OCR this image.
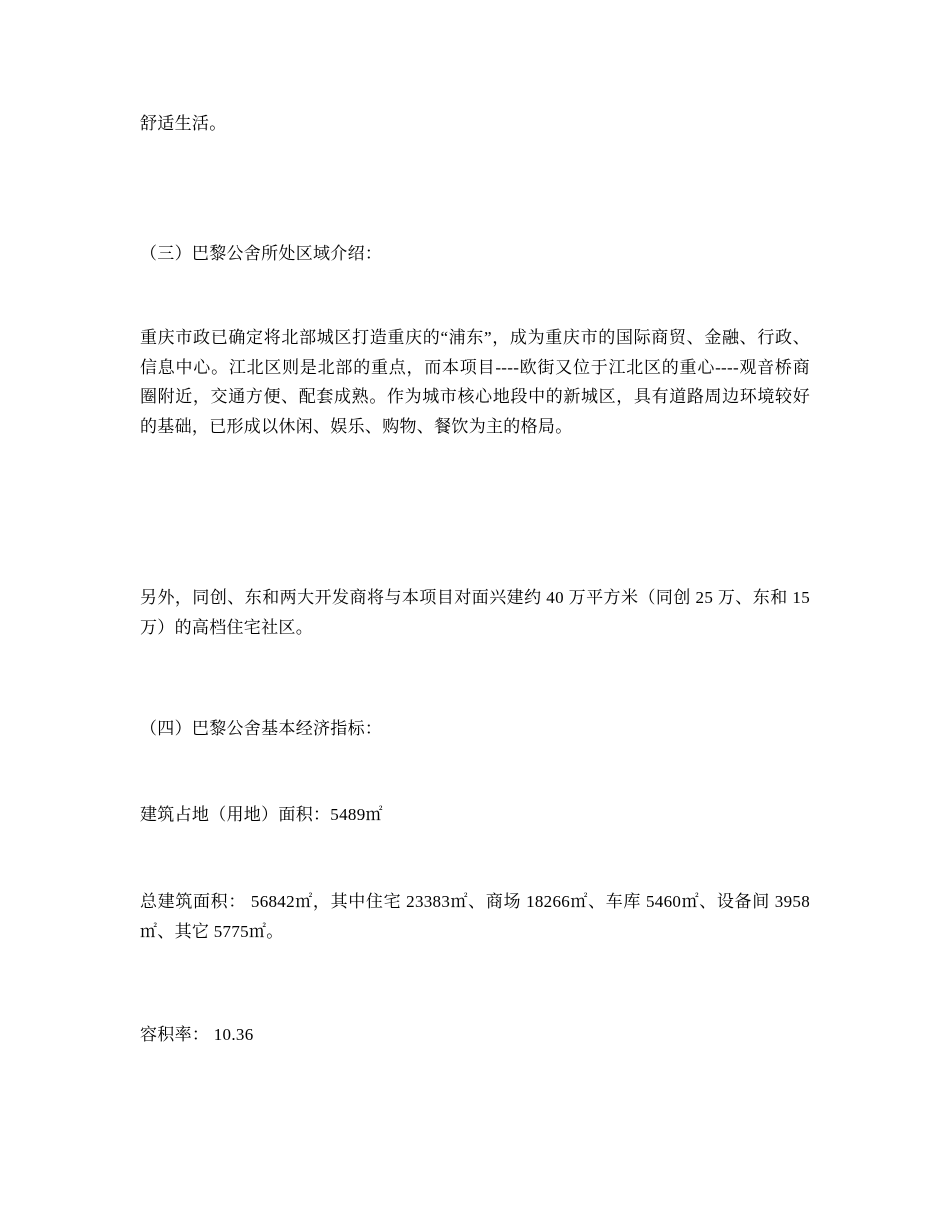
舒适生活。

（三）巴黎公舍所处区域介绍：

重庆市政已确定将北部城区打造重庆的“浦东”，成为重庆市的国际商贸、金融、行政、信息中心。江北区则是北部的重点，而本项目----欧街又位于江北区的重心----观音桥商圈附近，交通方便、配套成熟。作为城市核心地段中的新城区，具有道路周边环境较好的基础，已形成以休闲、娱乐、购物、餐饮为主的格局。

另外，同创、东和两大开发商将与本项目对面兴建约 40 万平方米（同创 25 万、东和 15 万）的高档住宅社区。

（四）巴黎公舍基本经济指标：

建筑占地（用地）面积：5489㎡

总建筑面积： 56842㎡，其中住宅 23383㎡、商场 18266㎡、车库 5460㎡、设备间 3958㎡、其它 5775㎡。

容积率： 10.36
